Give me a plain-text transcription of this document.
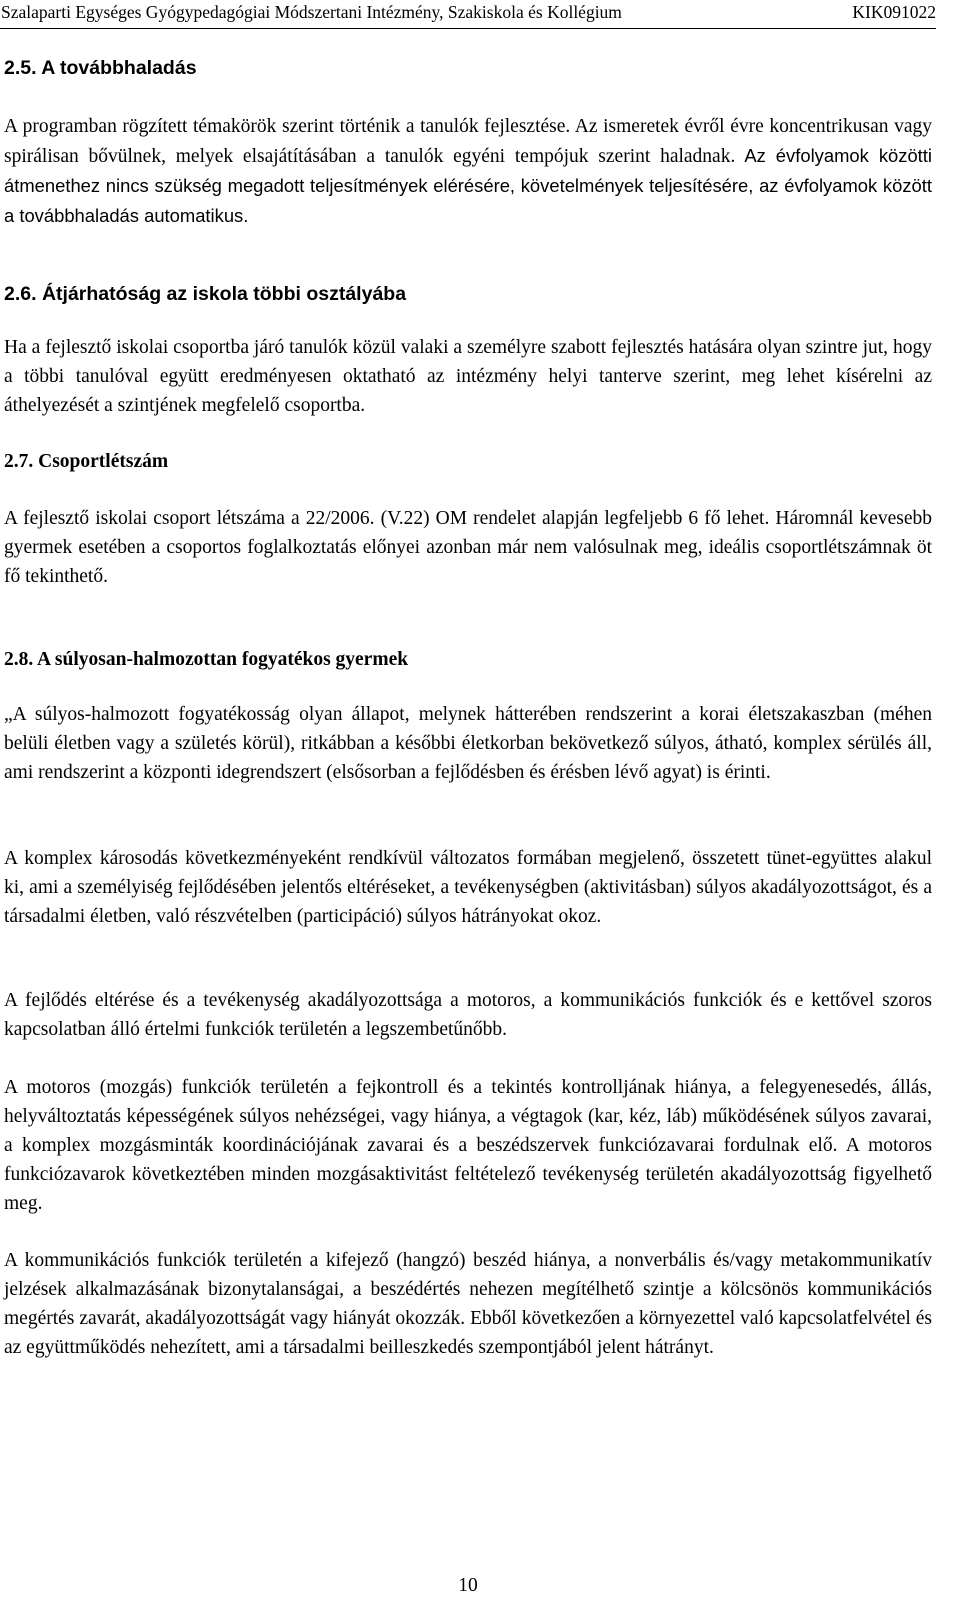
Szalaparti Egységes Gyógypedagógiai Módszertani Intézmény, Szakiskola és Kollégium	KIK091022
2.5. A továbbhaladás

A programban rögzített témakörök szerint történik a tanulók fejlesztése. Az ismeretek évről évre koncentrikusan vagy spirálisan bővülnek, melyek elsajátításában a tanulók egyéni tempójuk szerint haladnak. Az évfolyamok közötti átmenethez nincs szükség megadott teljesítmények elérésére, követelmények teljesítésére, az évfolyamok között a továbbhaladás automatikus.

2.6. Átjárhatóság az iskola többi osztályába

Ha a fejlesztő iskolai csoportba járó tanulók közül valaki a személyre szabott fejlesztés hatására olyan szintre jut, hogy a többi tanulóval együtt eredményesen oktatható az intézmény helyi tanterve szerint, meg lehet kísérelni az áthelyezését a szintjének megfelelő csoportba.

2.7. Csoportlétszám

A fejlesztő iskolai csoport létszáma a 22/2006. (V.22) OM rendelet alapján legfeljebb 6 fő lehet. Háromnál kevesebb gyermek esetében a csoportos foglalkoztatás előnyei azonban már nem valósulnak meg, ideális csoportlétszámnak öt fő tekinthető.

2.8. A súlyosan-halmozottan fogyatékos gyermek

„A súlyos-halmozott fogyatékosság olyan állapot, melynek hátterében rendszerint a korai életszakaszban (méhen belüli életben vagy a születés körül), ritkábban a későbbi életkorban bekövetkező súlyos, átható, komplex sérülés áll, ami rendszerint a központi idegrendszert (elsősorban a fejlődésben és érésben lévő agyat) is érinti.

A komplex károsodás következményeként rendkívül változatos formában megjelenő, összetett tünet-együttes alakul ki, ami a személyiség fejlődésében jelentős eltéréseket, a tevékenységben (aktivitásban) súlyos akadályozottságot, és a társadalmi életben, való részvételben (participáció) súlyos hátrányokat okoz.

A fejlődés eltérése és a tevékenység akadályozottsága a motoros, a kommunikációs funkciók és e kettővel szoros kapcsolatban álló értelmi funkciók területén a legszembetűnőbb.

A motoros (mozgás) funkciók területén a fejkontroll és a tekintés kontrolljának hiánya, a felegyenesedés, állás, helyváltoztatás képességének súlyos nehézségei, vagy hiánya, a végtagok (kar, kéz, láb) működésének súlyos zavarai, a komplex mozgásminták koordinációjának zavarai és a beszédszervek funkciózavarai fordulnak elő. A motoros funkciózavarok következtében minden mozgásaktivitást feltételező tevékenység területén akadályozottság figyelhető meg.

A kommunikációs funkciók területén a kifejező (hangzó) beszéd hiánya, a nonverbális és/vagy metakommunikatív jelzések alkalmazásának bizonytalanságai, a beszédértés nehezen megítélhető szintje a kölcsönös kommunikációs megértés zavarát, akadályozottságát vagy hiányát okozzák. Ebből következően a környezettel való kapcsolatfelvétel és az együttműködés nehezített, ami a társadalmi beilleszkedés szempontjából jelent hátrányt.

10
